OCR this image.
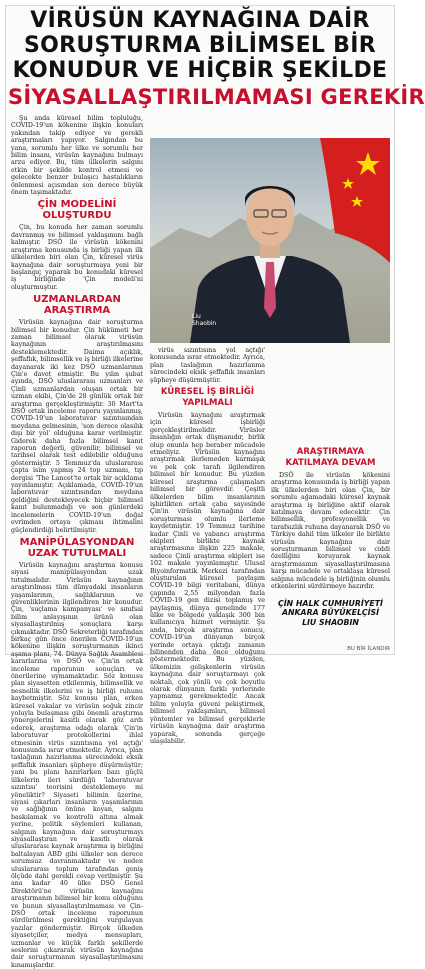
VİRÜSÜN KAYNAĞINA DAİR
SORUŞTURMA BİLİMSEL BİR
KONUDUR VE HİÇBİR ŞEKİLDE
SİYASALLAŞTIRILMAMASI GEREKİR

Şu anda küresel bilim topluluğu, COVID-19'un kökenine ilişkin konuları yakından takip ediyor ve gerekli araştırmaları yapıyor. Salgından bu yana, sorumlu her ülke ve sorumlu her bilim insanı, virüsün kaynağını bulmayı arzu ediyor. Bu, tüm ülkelerin salgını etkin bir şekilde kontrol etmesi ve gelecekte benzer bulaşıcı hastalıkların önlenmesi açısından son derece büyük önem taşımaktadır.

ÇİN MODELİNİ OLUŞTURDU

Çin, bu konuda her zaman sorumlu davranmış ve bilimsel yaklaşımını bağlı kalmıştır. DSÖ ile virüsün kökenini araştırma konusunda iş birliği yapan ilk ülkelerden biri olan Çin, küresel virüs kaynağına dair soruşturmaya yeni bir başlangıç yaparak bu konudaki küresel iş birliğinde 'Çin modeli'ni oluşturmuştur.

UZMANLARDAN ARAŞTIRMA

Virüsün kaynağına dair soruşturma bilimsel bir konudur. Çin hükümeti her zaman bilimsel olarak virüsün kaynağının araştırılmasını desteklemektedir. Daima açıklık, şeffaflık, bilimsellik ve iş birliği ilkelerine dayanarak iki kez DSÖ uzmanlarının Çin'e davet etmiştir. Bu yılın şubat ayında, DSÖ uluslararası uzmanları ve Çinli uzmanlardan oluşan ortak bir uzman ekibi, Çin'de 28 günlük ortak bir araştırma gerçekleştirmiştir. 30 Mart'ta DSÖ ortak inceleme raporu yayınlanmış, COVID-19'un laboratuvar sızıntısından meydana gelmesinin, 'son derece olasılık dışı bir yol' olduğuna karar verilmiştir. Giderek daha fazla bilimsel kanıt raporun değerli, güvenilir, bilimsel ve tarihsel olarak test edilebilir olduğunu göstermiştir. 5 Temmuz'da uluslararası çapta isim yapmış 24 top uzmanı, tıp dergisi 'The Lancet'te ortak bir açıklama yayınlamıştır. Açıklamada, COVID-19'un laboratuvar sızıntısından meydana geldiğini destekleyecek hiçbir bilimsel kanıt bulunmadığı ve son günlerdeki incelemelerin COVID-19'un doğal evrimden ortaya çıkması ihtimalini güçlendirdiği belirtilmiştir.

MANİPÜLASYONDAN UZAK TUTULMALI

Virüsün kaynağını araştırma konusu siyasi manipülasyondan uzak tutulmalıdır. Virüsün kaynağının araştırılması tüm dünyadaki insanların yaşamlarının, sağlıklarının ve güvenliklerinin ilgilendiren bir konudur. Çin, 'suçlama kampanyası' ve sınıfsal bilim anlayışının ürünü olan siyasallaştırılmış sonuçlara karşı çıkmaktadır. DSÖ Sekreterliği tarafından birkaç gün önce önerilen COVID-19'un kökenine ilişkin soruşturmanın ikinci aşama planı, 74. Dünya Sağlık Asamblesi kararlarına ve DSÖ ve Çin'in ortak inceleme raporunun sonuçları ve önerilerine uymamaktadır. Söz konusu plan siyasetten etkilenmiş, bilimsellik ve nesnellik ilkelerini ve iş birliği ruhunu kaybetmiştir. Söz konusu plan, erken küresel vakalar ve virüsün soğuk zincir yoluyla bulaşması gibi önemli araştırma yönergelerini kasıtlı olarak göz ardı ederek, araştırma odağı olarak 'Çin'in laboratuvar protokollerini ihlal etmesinin virüs sızıntısına yol açtığı' konusunda ısrar etmektedir. Ayrıca, plan taslağının hazırlanma sürecindeki eksik şeffaflık insanları şüpheye düşürmüştür; yani bu planı hazırlarken bazı güçlü ülkelerin ileri sürdüğü 'laboratuvar sızıntısı' teorisini desteklemeye mi yöneliktir? Siyaseti bilimin üzerine, siyasi çıkarları insanların yaşamlarının ve sağlığının önüne koyan, salgını baskılamak ve kontrolü altına almak yerine, politik söylemleri kullanan, salgının kaynağına dair soruşturmayı siyasallaştıran ve kasıtlı olarak uluslararası kaynak araştırma iş birliğini baltalayan ABD gibi ülkeler son derece sorumsuz davranmaktadır ve neden uluslararası toplum tarafından geniş ölçüde dahi gerekli cevap verilmiştir. Şu ana kadar 40 ülke DSÖ Genel Direktörü'ne virüsün kaynağını araştırmanın bilimsel bir konu olduğunu ve bunun siyasallaştırılmaması ve Çin-DSÖ ortak inceleme raporunun sürdürülmesi gerektiğini vurgulayan yazılar göndermiştir. Birçok ülkeden siyasetçiler, medya mensupları, uzmanlar ve küçük farklı şekillerde seslerini çıkararak virüsün kaynağına dair soruşturmanın siyasallaştırılmasını kınamışlardır.

Liu
Shaobin

virüs sızıntısına yol açtığı' konusunda ısrar etmektedir. Ayrıca, plan taslağının hazırlanma sürecindeki eksik şeffaflık insanları şüpheye düşürmüştür.

KÜRESEL İŞ BİRLİĞİ YAPILMALI

Virüsün kaynağını araştırmak için küresel işbirliği gerçekleştirilmelidir. Virüsler insanlığın ortak düşmanıdır, birlik olup onunla hep beraber mücadele etmeliyiz. Virüsün kaynağını araştırmak ilerlemeden karmaşık ve pek çok tarafı ilgilendiren bilimsel bir konudur. Bu yüzden küresel araştırma çalışmaları bilimsel bir görevdir. Çeşitli ülkelerden bilim insanlarının işbirlikten ortak çaba sayesinde Çin'in virüsün kaynağına dair soruşturması olumlu ilerleme kaydetmiştir. 19 Temmuz tarihine kadar Çinli ve yabancı araştırma ekipleri birlikte kaynak araştırmasına ilişkin 225 makale, sadece Çinli araştırma ekipleri ise 102 makale yayınlamıştır. Ulusal Biyoinformatik Merkezi tarafından oluşturulan küresel paylaşım COVID-19 bilgi veritabanı, dünya çapında 2,55 milyondan fazla COVID-19 gen dizisi toplamış ve paylaşmış, dünya genelinde 177 ülke ve bölgede yaklaşık 300 bin kullanıcıya hizmet vermiştir. Şu anda, birçok araştırma sonucu, COVID-19'un dünyanın birçok yerinde ortaya çıktığı zamanın bilinenden daha önce olduğunu göstermektedir. Bu yüzden, ülkemizin gelişkenlerin virüsün kaynağına dair soruşturmayı çok noktalı, çok yönlü ve çok boyutlu olarak dünyanın farklı yerlerinde yapmamız gerekmektedir. Ancak bilim yoluyla güveni pekiştirmek, bilimsel yaklaşımları, bilimsel yöntemler ve bilimsel gerçeklerle virüsün kaynağına dair araştırma yaparak, sonunda gerçeğe ulaşılabilir.

ARAŞTIRMAYA KATILMAYA DEVAM

DSÖ ile virüsün kökenini araştırma konusunda iş birliği yapan ilk ülkelerden biri olan Çin, bir sorumlu ağamadaki küresel kaynak araştırma iş birliğine aktif olarak katılmaya devam edecektir. Çin bilimsellik, profesyonellik ve tarafsızlık ruhuna dayanarak DSÖ ve Türkiye dahil tüm ülkeler ile birlikte virüsün kaynağına dair soruşturmanın bilimsel ve ciddi özelliğini koruyarak kaynak araştırmasının siyasallaştırılmasına karşı mücadele ve ortaklaşa küresel salgına mücadele iş birliğinin olumlu etkenlerini sürdürmeye hazırdır.

ÇİN HALK CUMHURİYETİ
ANKARA BÜYÜKELÇİSİ
LIU SHAOBIN
BU BİR İLANDIR
